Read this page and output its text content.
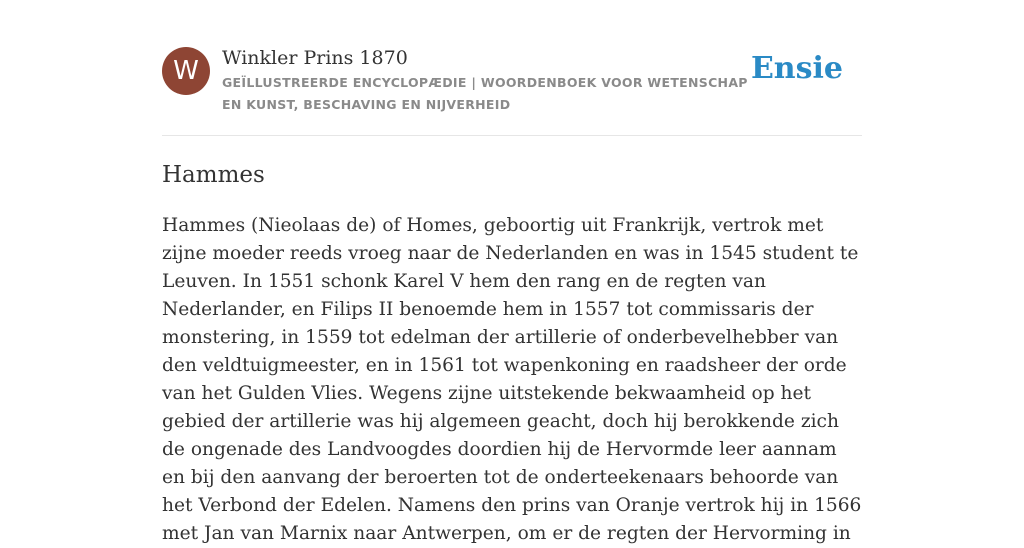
W	Winkler Prins 1870
GEÏLLUSTREERDE ENCYCLOPÆDIE | WOORDENBOEK VOOR WETENSCHAP EN KUNST, BESCHAVING EN NIJVERHEID
Ensie
Hammes

Hammes (Nieolaas de) of Homes, geboortig uit Frankrijk, vertrok met zijne moeder reeds vroeg naar de Nederlanden en was in 1545 student te Leuven. In 1551 schonk Karel V hem den rang en de regten van Nederlander, en Filips II benoemde hem in 1557 tot commissaris der monstering, in 1559 tot edelman der artillerie of onderbevelhebber van den veldtuigmeester, en in 1561 tot wapenkoning en raadsheer der orde van het Gulden Vlies. Wegens zijne uitstekende bekwaamheid op het gebied der artillerie was hij algemeen geacht, doch hij berokkende zich de ongenade des Landvoogdes doordien hij de Hervormde leer aannam en bij den aanvang der beroerten tot de onderteekenaars behoorde van het Verbond der Edelen. Namens den prins van Oranje vertrok hij in 1566 met Jan van Marnix naar Antwerpen, om er de regten der Hervorming in
